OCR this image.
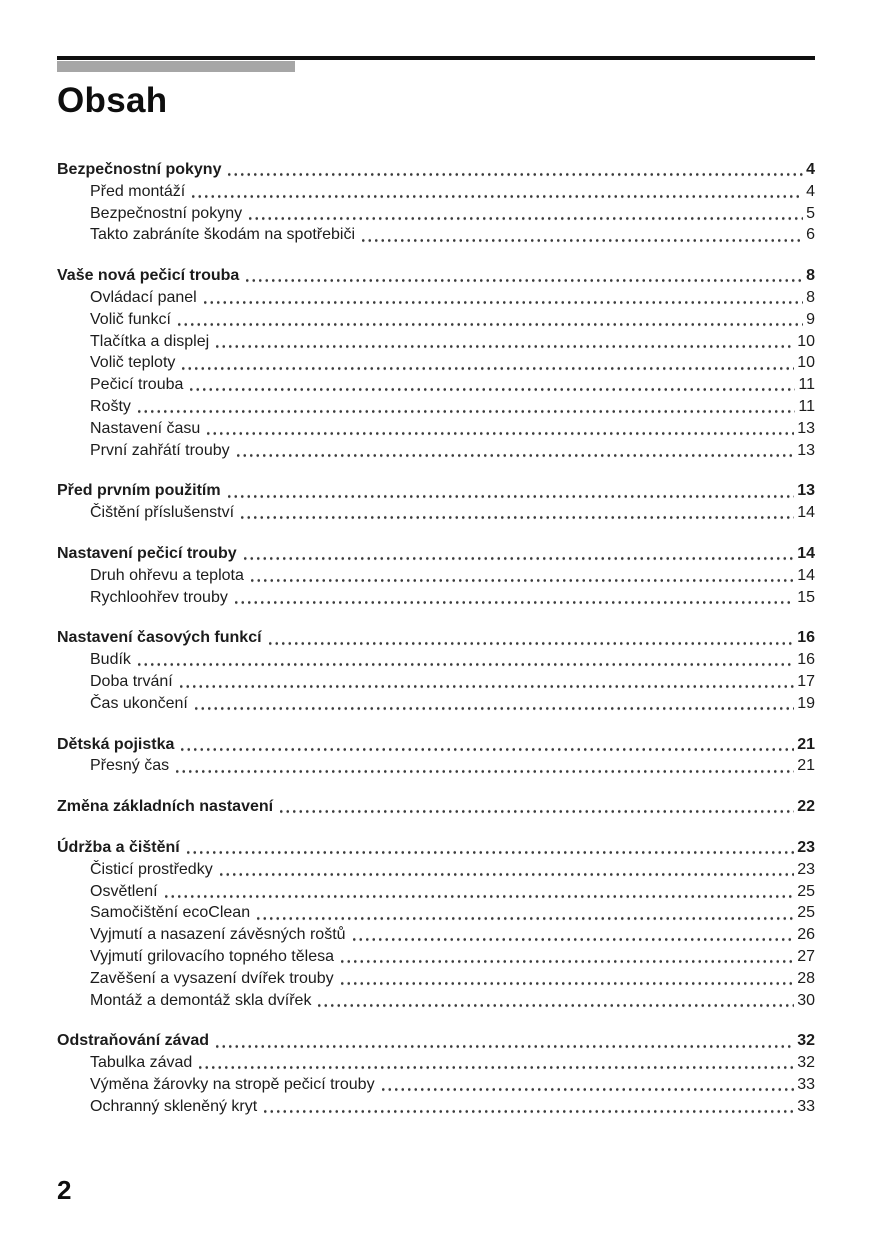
Obsah
Bezpečnostní pokyny	4
Před montáží	4
Bezpečnostní pokyny	5
Takto zabráníte škodám na spotřebiči	6
Vaše nová pečicí trouba	8
Ovládací panel	8
Volič funkcí	9
Tlačítka a displej	10
Volič teploty	10
Pečicí trouba	11
Rošty	11
Nastavení času	13
První zahřátí trouby	13
Před prvním použitím	13
Čištění příslušenství	14
Nastavení pečicí trouby	14
Druh ohřevu a teplota	14
Rychloohřev trouby	15
Nastavení časových funkcí	16
Budík	16
Doba trvání	17
Čas ukončení	19
Dětská pojistka	21
Přesný čas	21
Změna základních nastavení	22
Údržba a čištění	23
Čisticí prostředky	23
Osvětlení	25
Samočištění ecoClean	25
Vyjmutí a nasazení závěsných roštů	26
Vyjmutí grilovacího topného tělesa	27
Zavěšení a vysazení dvířek trouby	28
Montáž a demontáž skla dvířek	30
Odstraňování závad	32
Tabulka závad	32
Výměna žárovky na stropě pečicí trouby	33
Ochranný skleněný kryt	33
2
